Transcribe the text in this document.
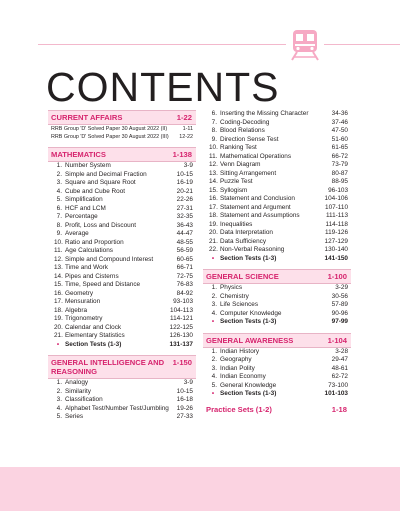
CONTENTS
CURRENT AFFAIRS	1-22
RRB Group 'D' Solved Paper 30 August 2022 (II)	1-11
RRB Group 'D' Solved Paper 30 August 2022 (III) 12-22
MATHEMATICS	1-138
1. Number System	3-9
2. Simple and Decimal Fraction	10-15
3. Square and Square Root	16-19
4. Cube and Cube Root	20-21
5. Simplification	22-26
6. HCF and LCM	27-31
7. Percentage	32-35
8. Profit, Loss and Discount	36-43
9. Average	44-47
10. Ratio and Proportion	48-55
11. Age Calculations	56-59
12. Simple and Compound Interest	60-65
13. Time and Work	66-71
14. Pipes and Cisterns	72-75
15. Time, Speed and Distance	76-83
16. Geometry	84-92
17. Mensuration	93-103
18. Algebra	104-113
19. Trigonometry	114-121
20. Calendar and Clock	122-125
21. Elementary Statistics	126-130
• Section Tests (1-3)	131-137
GENERAL INTELLIGENCE AND REASONING
1-150
1. Analogy	3-9
2. Similarity	10-15
3. Classification	16-18
4. Alphabet Test/Number Test/Jumbling	19-26
5. Series	27-33
6. Inserting the Missing Character	34-36
7. Coding-Decoding	37-46
8. Blood Relations	47-50
9. Direction Sense Test	51-60
10. Ranking Test	61-65
11. Mathematical Operations	66-72
12. Venn Diagram	73-79
13. Sitting Arrangement	80-87
14. Puzzle Test	88-95
15. Syllogism	96-103
16. Statement and Conclusion	104-106
17. Statement and Argument	107-110
18. Statement and Assumptions	111-113
19. Inequalities	114-118
20. Data Interpretation	119-126
21. Data Sufficiency	127-129
22. Non-Verbal Reasoning	130-140
• Section Tests (1-3)	141-150
GENERAL SCIENCE	1-100
1. Physics	3-29
2. Chemistry	30-56
3. Life Sciences	57-89
4. Computer Knowledge	90-96
• Section Tests (1-3)	97-99
GENERAL AWARENESS	1-104
1. Indian History	3-28
2. Geography	29-47
3. Indian Polity	48-61
4. Indian Economy	62-72
5. General Knowledge	73-100
• Section Tests (1-3)	101-103
Practice Sets (1-2)	1-18
